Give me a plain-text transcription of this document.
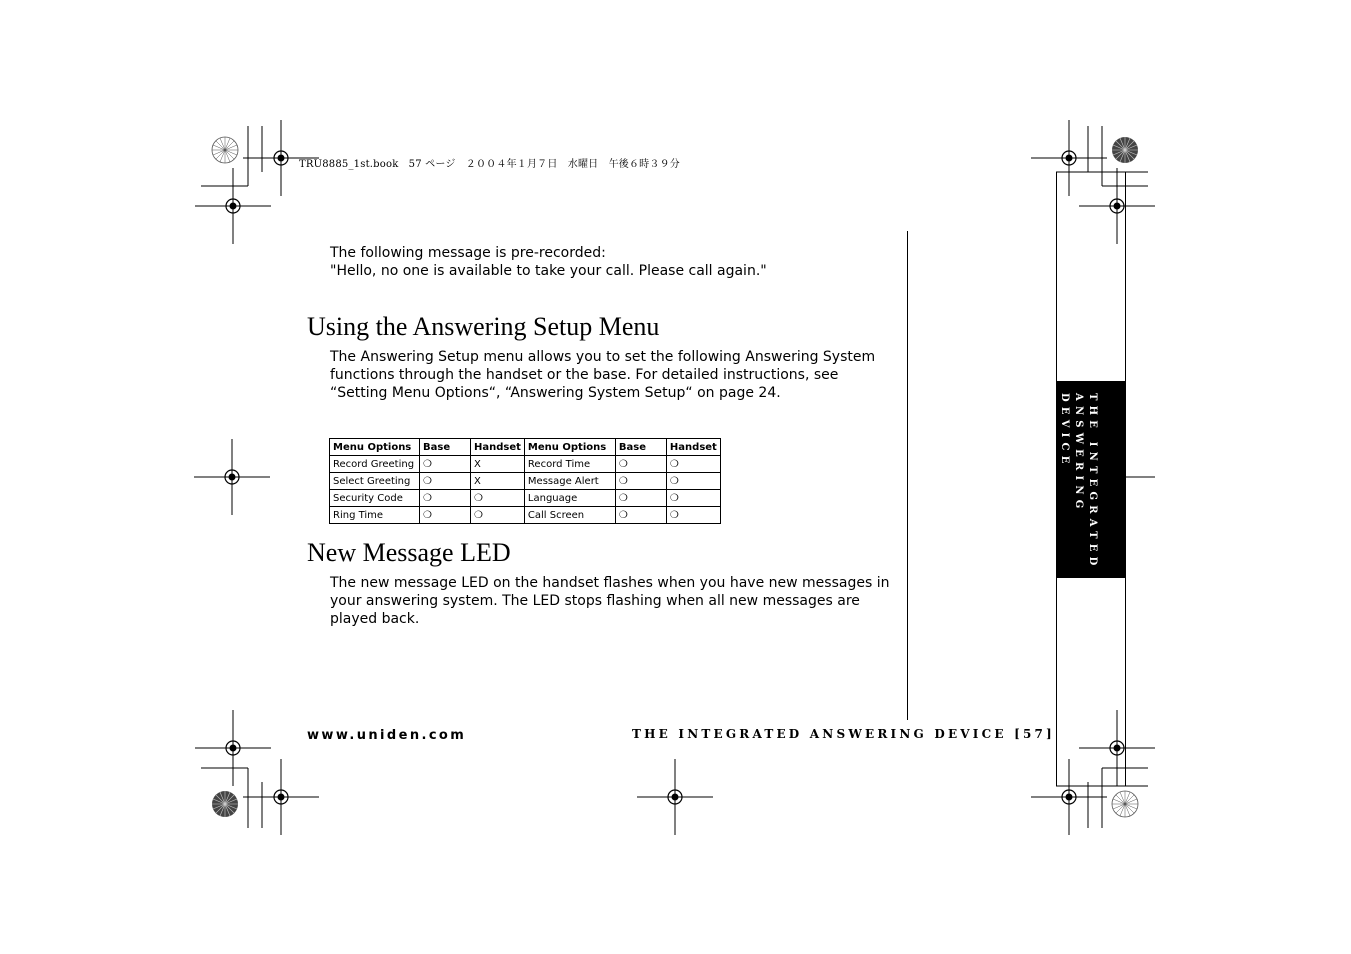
TRU8885_1st.book　57 ページ　２００４年１月７日　水曜日　午後６時３９分
The following message is pre-recorded:
"Hello, no one is available to take your call. Please call again."
Using the Answering Setup Menu
The Answering Setup menu allows you to set the following Answering System functions through the handset or the base. For detailed instructions, see “Setting Menu Options“, “Answering System Setup“ on page 24.
Menu Options	Base	Handset	Menu Options	Base	Handset
Record Greeting	❍	X	Record Time	❍	❍
Select Greeting	❍	X	Message Alert	❍	❍
Security Code	❍	❍	Language	❍	❍
Ring Time	❍	❍	Call Screen	❍	❍
New Message LED
The new message LED on the handset flashes when you have new messages in your answering system. The LED stops flashing when all new messages are played back.
www.uniden.com	THE INTEGRATED ANSWERING DEVICE [57]
THE INTEGRATED ANSWERING DEVICE
